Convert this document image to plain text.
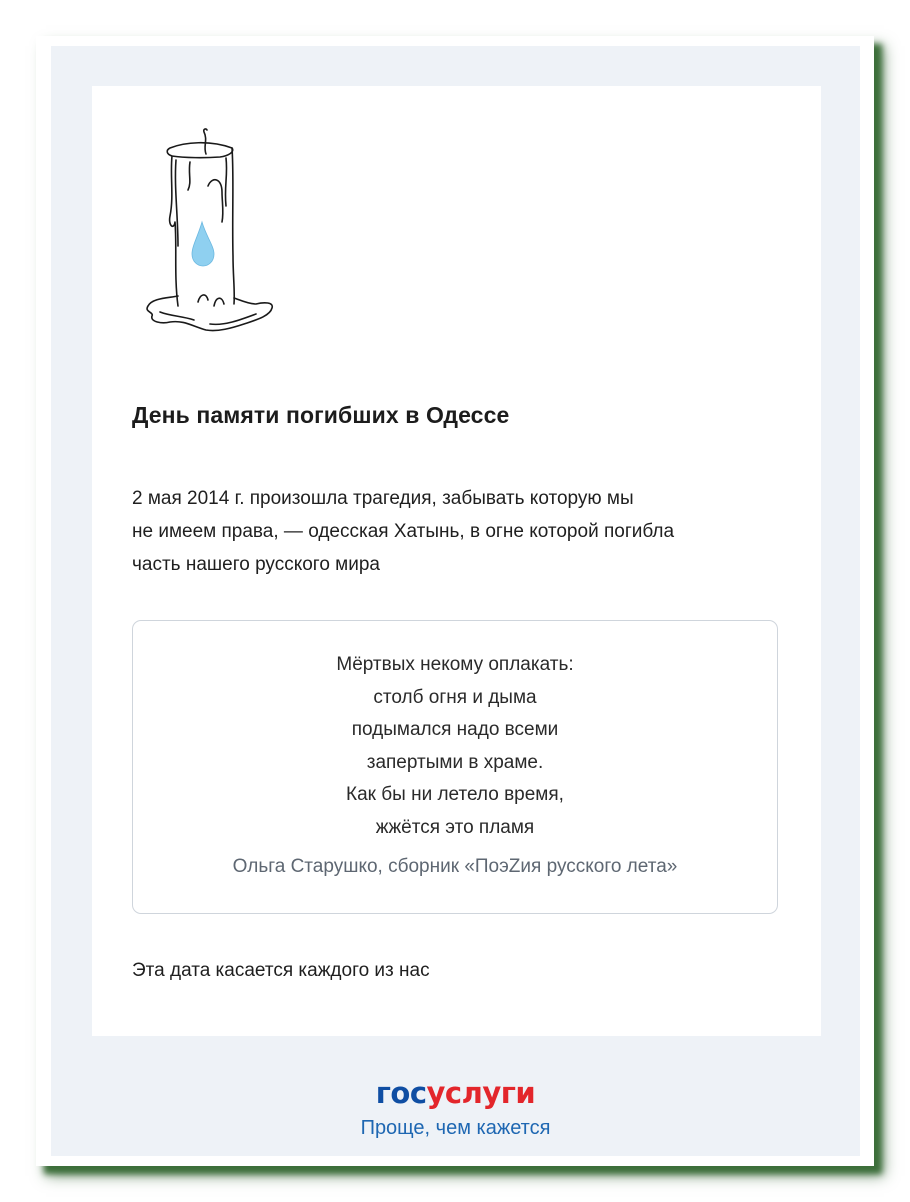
День памяти погибших в Одессе

2 мая 2014 г. произошла трагедия, забывать которую мы
не имеем права, — одесская Хатынь, в огне которой погибла
часть нашего русского мира

Мёртвых некому оплакать:
столб огня и дыма
подымался надо всеми
запертыми в храме.
Как бы ни летело время,
жжётся это пламя

Ольга Старушко, сборник «ПоэZия русского лета»

Эта дата касается каждого из нас

госуслуги
Проще, чем кажется
